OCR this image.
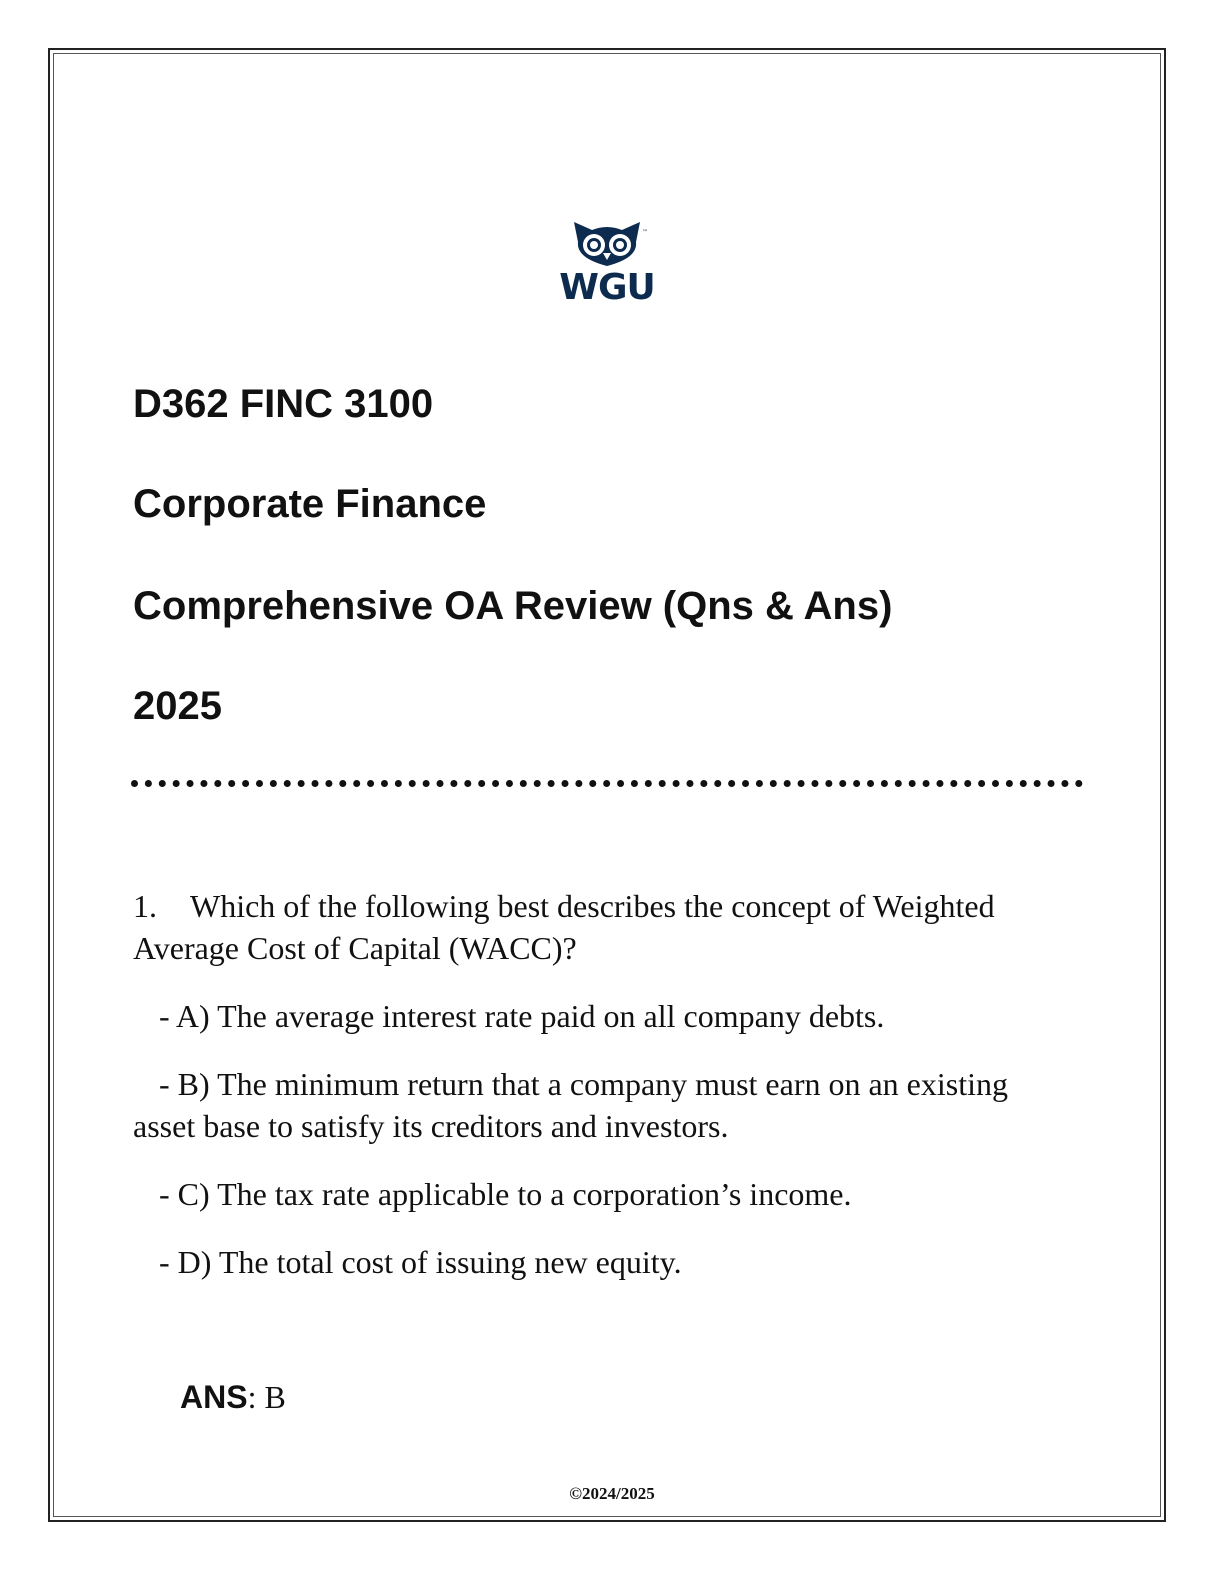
™
WGU
D362 FINC 3100
Corporate Finance
Comprehensive OA Review (Qns & Ans)
2025

1. Which of the following best describes the concept of Weighted Average Cost of Capital (WACC)?

- A) The average interest rate paid on all company debts.

- B) The minimum return that a company must earn on an existing asset base to satisfy its creditors and investors.

- C) The tax rate applicable to a corporation’s income.

- D) The total cost of issuing new equity.

ANS: B

©2024/2025
